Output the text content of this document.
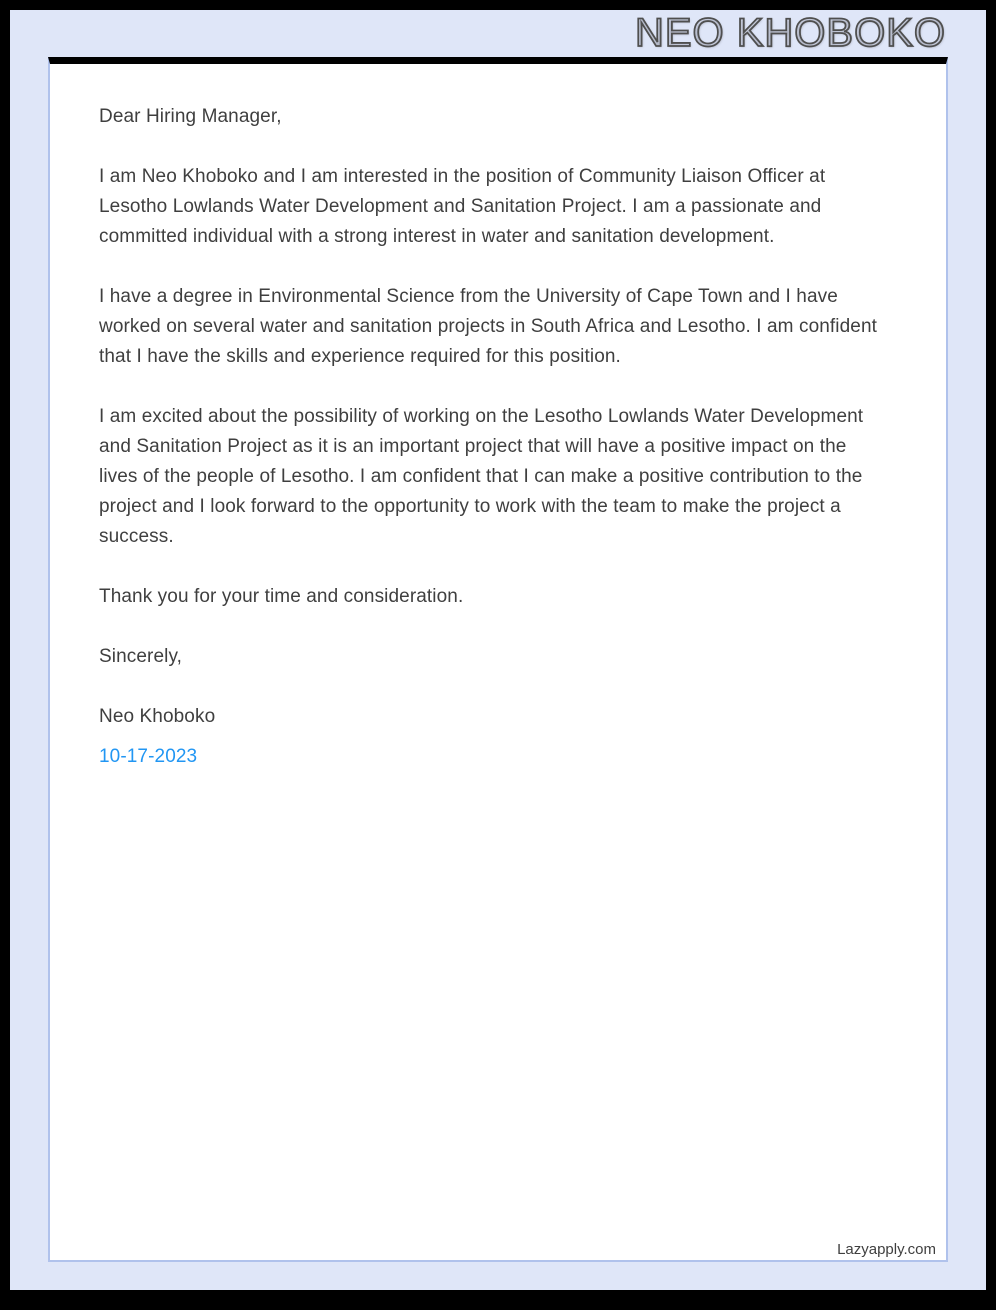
NEO KHOBOKO

Dear Hiring Manager,

I am Neo Khoboko and I am interested in the position of Community Liaison Officer at Lesotho Lowlands Water Development and Sanitation Project. I am a passionate and committed individual with a strong interest in water and sanitation development.

I have a degree in Environmental Science from the University of Cape Town and I have worked on several water and sanitation projects in South Africa and Lesotho. I am confident that I have the skills and experience required for this position.

I am excited about the possibility of working on the Lesotho Lowlands Water Development and Sanitation Project as it is an important project that will have a positive impact on the lives of the people of Lesotho. I am confident that I can make a positive contribution to the project and I look forward to the opportunity to work with the team to make the project a success.

Thank you for your time and consideration.

Sincerely,

Neo Khoboko

10-17-2023

Lazyapply.com
